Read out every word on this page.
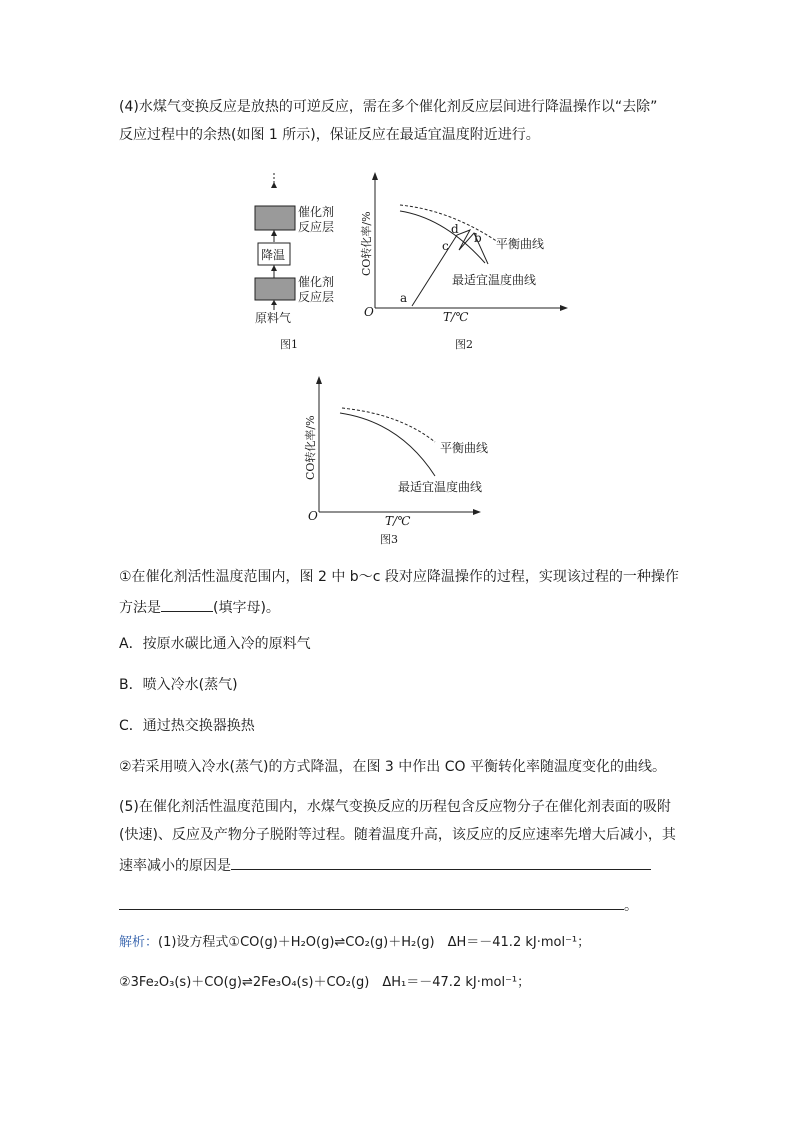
(4)水煤气变换反应是放热的可逆反应，需在多个催化剂反应层间进行降温操作以“去除”
反应过程中的余热(如图 1 所示)，保证反应在最适宜温度附近进行。
催化剂
反应层
降温
催化剂
反应层
原料气
图1
CO转化率/%
O	T/℃
a
b
c
d
平衡曲线
最适宜温度曲线
图2
CO转化率/%
O	T/℃
平衡曲线
最适宜温度曲线
图3
①在催化剂活性温度范围内，图 2 中 b～c 段对应降温操作的过程，实现该过程的一种操作
方法是	(填字母)。
A．按原水碳比通入冷的原料气
B．喷入冷水(蒸气)
C．通过热交换器换热
②若采用喷入冷水(蒸气)的方式降温，在图 3 中作出 CO 平衡转化率随温度变化的曲线。
(5)在催化剂活性温度范围内，水煤气变换反应的历程包含反应物分子在催化剂表面的吸附
(快速)、反应及产物分子脱附等过程。随着温度升高，该反应的反应速率先增大后减小，其
速率减小的原因是
。
解析：(1)设方程式①CO(g)＋H₂O(g)⇌CO₂(g)＋H₂(g)　ΔH＝－41.2 kJ·mol⁻¹；
②3Fe₂O₃(s)＋CO(g)⇌2Fe₃O₄(s)＋CO₂(g)　ΔH₁＝－47.2 kJ·mol⁻¹；
